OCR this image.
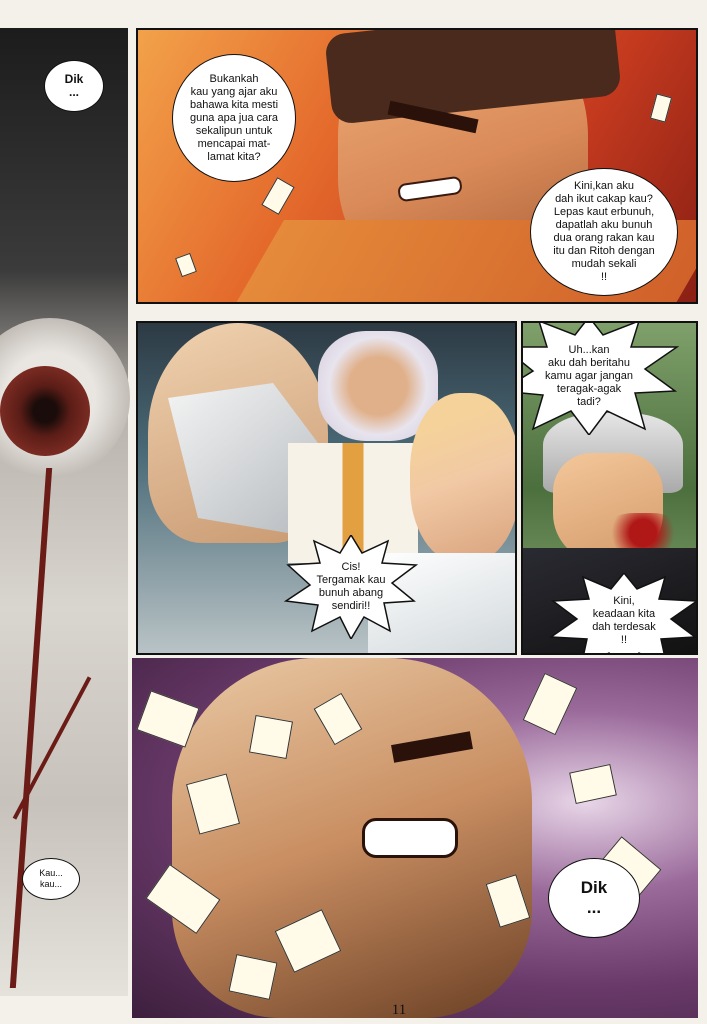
Dik
...
Kau...
kau...
Bukankah
kau yang ajar aku
bahawa kita mesti
guna apa jua cara
sekalipun untuk
mencapai mat-
lamat kita?
Kini,kan aku
dah ikut cakap kau?
Lepas kaut erbunuh,
dapatlah aku bunuh
dua orang rakan kau
itu dan Ritoh dengan
mudah sekali
!!
Cis!
Tergamak kau
bunuh abang
sendiri!!
Uh...kan
aku dah beritahu
kamu agar jangan
teragak-agak
tadi?
Kini,
keadaan kita
dah terdesak
!!
Dik
...
11
